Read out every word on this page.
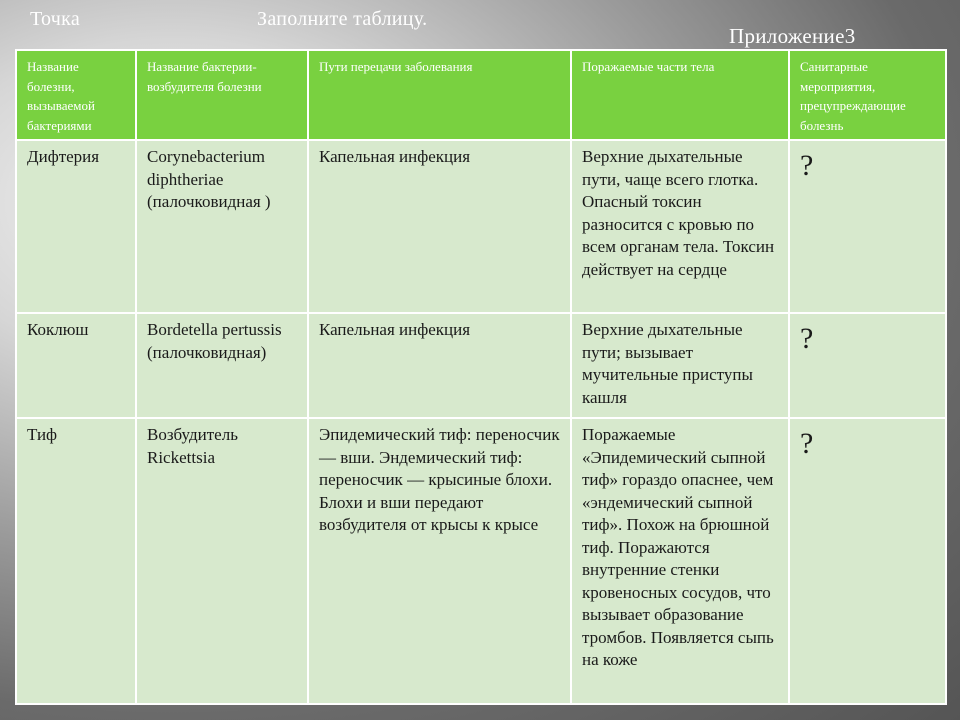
Точка	Заполните таблицу.
Приложение3
Название болезни, вызываемой бактериями	Название бактерии-возбудителя болезни	Пути перецачи заболевания	Поражаемые части тела	Санитарные мероприятия, прецупреждающие болезнь
Дифтерия	Corynebacterium diphtheriae (палочковидная )	Капельная инфекция	Верхние дыхательные пути, чаще всего глотка. Опасный токсин разносится с кровью по всем органам тела. Токсин действует на сердце	?
Коклюш	Bordetella pertussis (палочковидная)	Капельная инфекция	Верхние дыхательные пути; вызывает мучительные приступы кашля	?
Тиф	Возбудитель Rickettsia	Эпидемический тиф: переносчик — вши. Эндемический тиф: переносчик — крысиные блохи. Блохи и вши передают возбудителя от крысы к крысе	Поражаемые «Эпидемический сыпной тиф» гораздо опаснее, чем «эндемический сыпной тиф». Похож на брюшной тиф. Поражаются внутренние стенки кровеносных сосудов, что вызывает образование тромбов. Появляется сыпь на коже	?
